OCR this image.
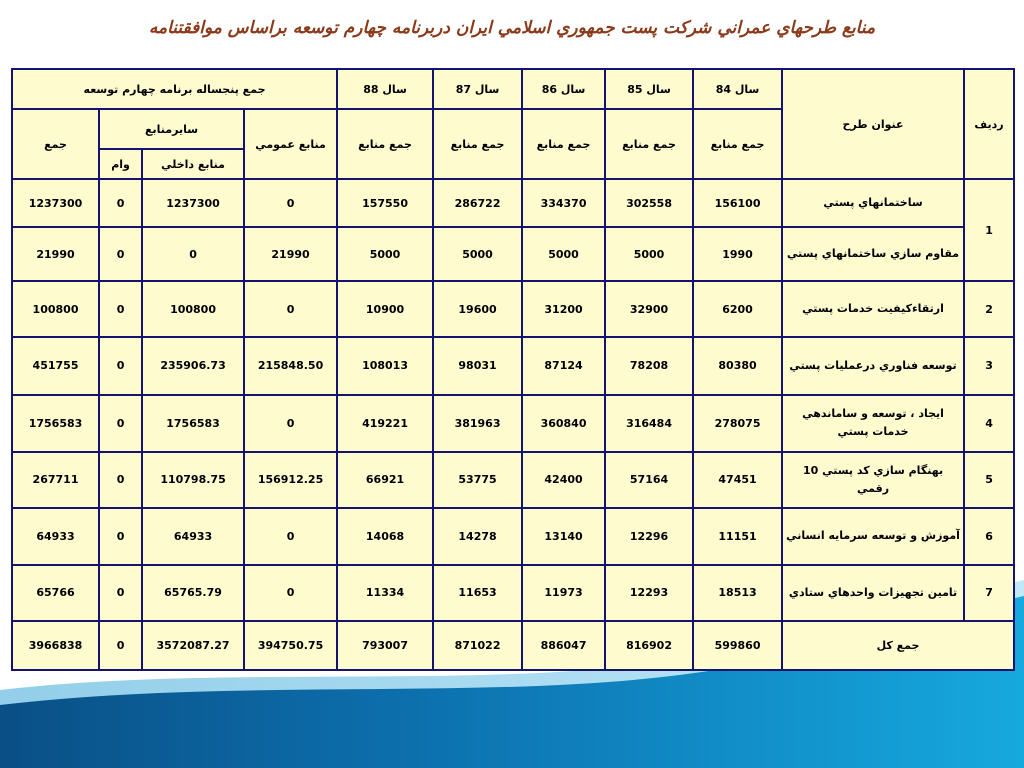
منابع طرحهاي عمراني شركت پست جمهوري اسلامي ايران دربرنامه چهارم توسعه براساس موافقتنامه
رديف	عنوان طرح	سال 84	سال 85	سال 86	سال 87	سال 88	جمع پنجساله برنامه چهارم توسعه			
		جمع منابع	جمع منابع	جمع منابع	جمع منابع	جمع منابع	منابع عمومي	سايرمنابع		جمع
								منابع داخلي	وام	
1	ساختمانهاي پستي	156100	302558	334370	286722	157550	0	1237300	0	1237300
	مقاوم سازي ساختمانهاي پستي	1990	5000	5000	5000	5000	21990	0	0	21990
2	ارتقاءكيفيت خدمات پستي	6200	32900	31200	19600	10900	0	100800	0	100800
3	توسعه فناوري درعمليات پستي	80380	78208	87124	98031	108013	215848.50	235906.73	0	451755
4	ايجاد ، توسعه و ساماندهي خدمات پستي	278075	316484	360840	381963	419221	0	1756583	0	1756583
5	بهنگام سازي كد پستي 10 رقمي	47451	57164	42400	53775	66921	156912.25	110798.75	0	267711
6	آموزش و توسعه سرمايه انساني	11151	12296	13140	14278	14068	0	64933	0	64933
7	تامين تجهيزات واحدهاي ستادي	18513	12293	11973	11653	11334	0	65765.79	0	65766
جمع كل		599860	816902	886047	871022	793007	394750.75	3572087.27	0	3966838
